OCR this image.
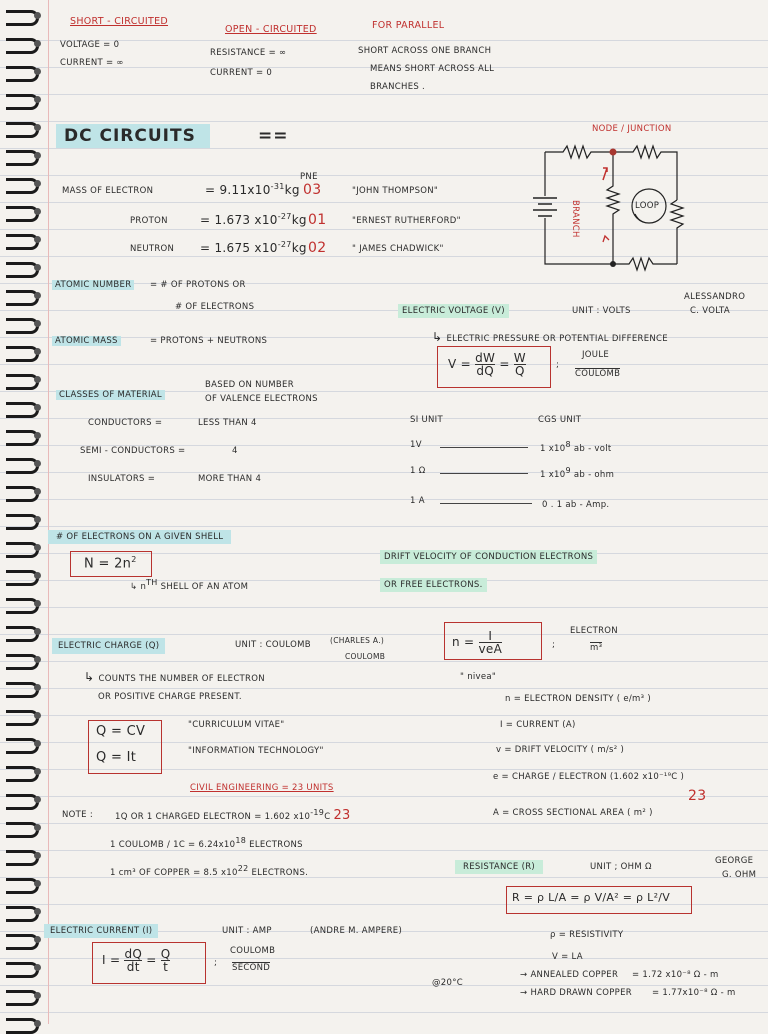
SHORT - CIRCUITED
VOLTAGE = 0
CURRENT = ∞
OPEN - CIRCUITED
RESISTANCE = ∞
CURRENT = 0
FOR PARALLEL
SHORT ACROSS ONE BRANCH
MEANS SHORT ACROSS ALL
BRANCHES .
DC CIRCUITS	==	NODE / JUNCTION
BRANCH	LOOP
PNE
MASS OF ELECTRON	= $9.11x10^{-31}kg$ 03	"JOHN THOMPSON"
PROTON	= 1.673 $x10^{-27}kg$ 01	"ERNEST RUTHERFORD"
NEUTRON = 1.675 $x10^{-27}kg$ 02	" JAMES CHADWICK"
ATOMIC NUMBER	= # OF PROTONS OR
# OF ELECTRONS	ELECTRIC VOLTAGE (V)	UNIT : VOLTS
ALESSANDRO
C. VOLTA
↳ ELECTRIC PRESSURE OR POTENTIAL DIFFERENCE
$V = \frac{dW}{dQ} = \frac{W}{Q}$	;
JOULE
COULOMB
ATOMIC MASS	= PROTONS + NEUTRONS
CLASSES OF MATERIAL
BASED ON NUMBER
OF VALENCE ELECTRONS
CONDUCTORS =	LESS THAN 4
SEMI - CONDUCTORS =	4
INSULATORS =	MORE THAN 4
SI UNIT	CGS UNIT
1V	1 $x10^8$ ab - volt
1 Ω	1 $x10^9$ ab - ohm
1 A	0 . 1 ab - Amp.
# OF ELECTRONS ON A GIVEN SHELL
$N = 2n^2$
↳ $n^{TH}$ SHELL OF AN ATOM
DRIFT VELOCITY OF CONDUCTION ELECTRONS
OR FREE ELECTRONS.
ELECTRIC CHARGE (Q)	UNIT : COULOMB	(CHARLES A.)
COULOMB
↳ COUNTS THE NUMBER OF ELECTRON
OR POSITIVE CHARGE PRESENT.
Q = CV
Q = It
"CURRICULUM VITAE"
"INFORMATION TECHNOLOGY"
$n = \frac{I}{\text{veA}}$	;
ELECTRON
m³
" nivea"
n = ELECTRON DENSITY ( e/m³ )
I = CURRENT (A)
v = DRIFT VELOCITY ( m/s² )
e = CHARGE / ELECTRON (1.602 x10⁻¹⁹C )
A = CROSS SECTIONAL AREA ( m² )
CIVIL ENGINEERING = 23 UNITS	23
NOTE :	1Q OR 1 CHARGED ELECTRON = 1.602 $x10^{-19}C$ 23
1 COULOMB / $1C = 6.24x10^{18}$ ELECTRONS
1 cm³ OF COPPER = 8.5 $x10^{22}$ ELECTRONS.
RESISTANCE (R)	UNIT ; OHM Ω
GEORGE
G. OHM
R = ρ L/A = ρ V/A² = ρ L²/V
ρ = RESISTIVITY
V = LA
@20°C
→ ANNEALED COPPER = 1.72 x10⁻⁸ Ω - m
→ HARD DRAWN COPPER = 1.77x10⁻⁸ Ω - m
ELECTRIC CURRENT (I)	UNIT : AMP	(ANDRE M. AMPERE)
$I = \frac{dQ}{dt} = \frac{Q}{t}$	;
COULOMB
SECOND
